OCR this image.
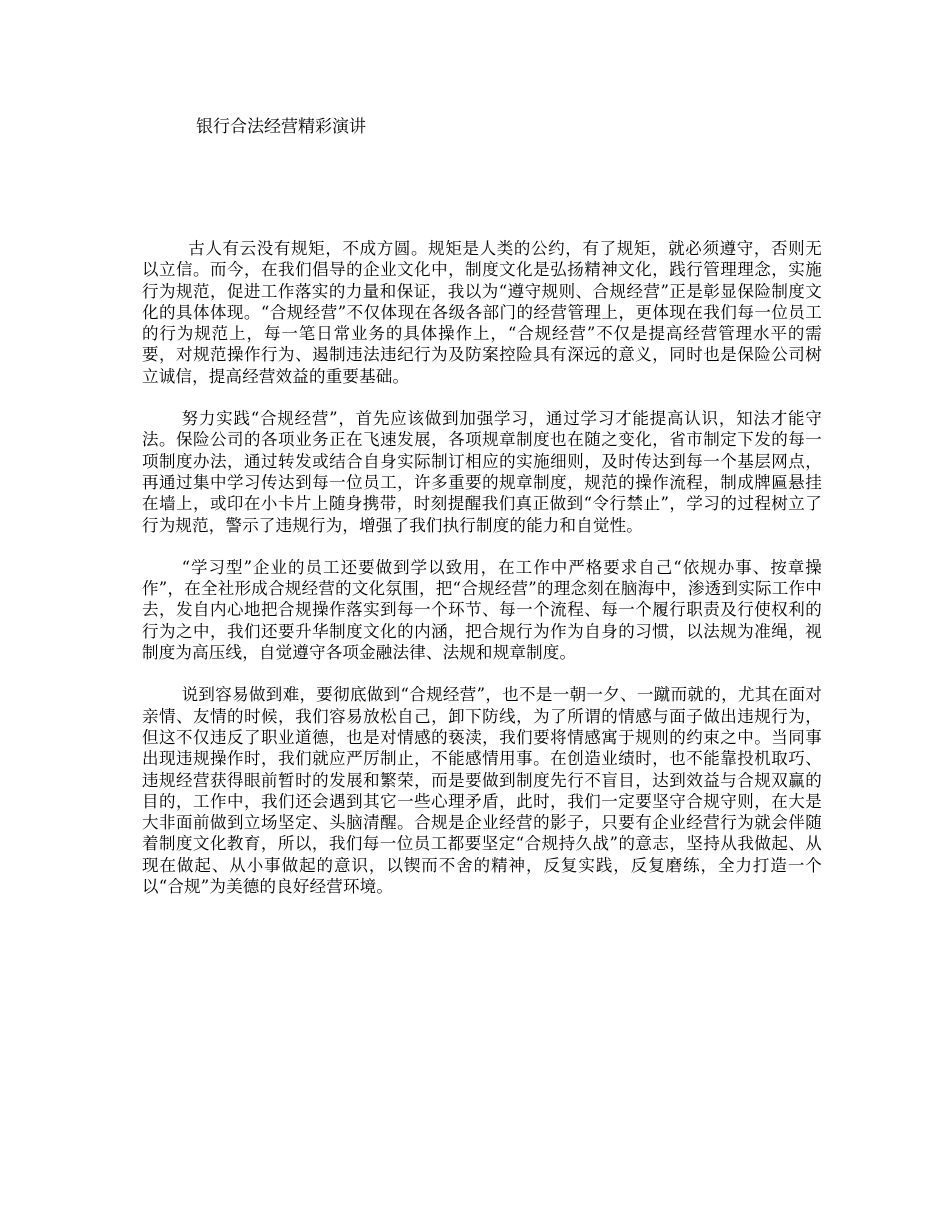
银行合法经营精彩演讲

古人有云没有规矩，不成方圆。规矩是人类的公约，有了规矩，就必须遵守，否则无以立信。而今，在我们倡导的企业文化中，制度文化是弘扬精神文化，践行管理理念，实施行为规范，促进工作落实的力量和保证，我以为“遵守规则、合规经营”正是彰显保险制度文化的具体体现。“合规经营”不仅体现在各级各部门的经营管理上，更体现在我们每一位员工的行为规范上，每一笔日常业务的具体操作上，“合规经营”不仅是提高经营管理水平的需要，对规范操作行为、遏制违法违纪行为及防案控险具有深远的意义，同时也是保险公司树立诚信，提高经营效益的重要基础。

努力实践“合规经营”，首先应该做到加强学习，通过学习才能提高认识，知法才能守法。保险公司的各项业务正在飞速发展，各项规章制度也在随之变化，省市制定下发的每一项制度办法，通过转发或结合自身实际制订相应的实施细则，及时传达到每一个基层网点，再通过集中学习传达到每一位员工，许多重要的规章制度，规范的操作流程，制成牌匾悬挂在墙上，或印在小卡片上随身携带，时刻提醒我们真正做到“令行禁止”，学习的过程树立了行为规范，警示了违规行为，增强了我们执行制度的能力和自觉性。

“学习型”企业的员工还要做到学以致用，在工作中严格要求自己“依规办事、按章操作”，在全社形成合规经营的文化氛围，把“合规经营”的理念刻在脑海中，渗透到实际工作中去，发自内心地把合规操作落实到每一个环节、每一个流程、每一个履行职责及行使权利的行为之中，我们还要升华制度文化的内涵，把合规行为作为自身的习惯，以法规为准绳，视制度为高压线，自觉遵守各项金融法律、法规和规章制度。

说到容易做到难，要彻底做到“合规经营”，也不是一朝一夕、一蹴而就的，尤其在面对亲情、友情的时候，我们容易放松自己，卸下防线，为了所谓的情感与面子做出违规行为，但这不仅违反了职业道德，也是对情感的亵渎，我们要将情感寓于规则的约束之中。当同事出现违规操作时，我们就应严厉制止，不能感情用事。在创造业绩时，也不能靠投机取巧、违规经营获得眼前暂时的发展和繁荣，而是要做到制度先行不盲目，达到效益与合规双赢的目的，工作中，我们还会遇到其它一些心理矛盾，此时，我们一定要坚守合规守则，在大是大非面前做到立场坚定、头脑清醒。合规是企业经营的影子，只要有企业经营行为就会伴随着制度文化教育，所以，我们每一位员工都要坚定“合规持久战”的意志，坚持从我做起、从现在做起、从小事做起的意识，以锲而不舍的精神，反复实践，反复磨练，全力打造一个以“合规”为美德的良好经营环境。
